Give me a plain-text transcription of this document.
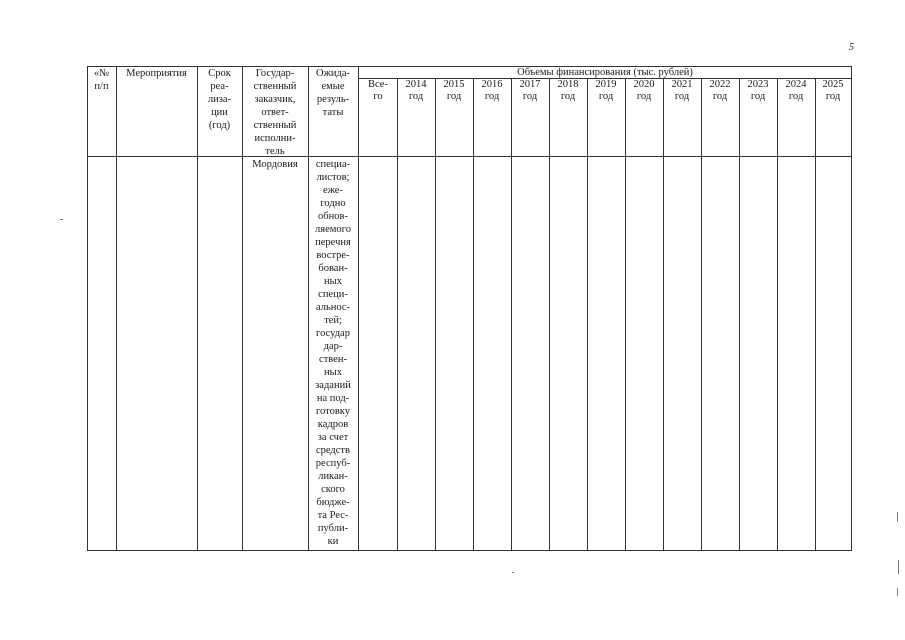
5
«№
п/п
Мероприятия	Срок
реа-
лиза-
ции
(год)
Государ-
ственный
заказчик,
ответ-
ственный
исполни-
тель
Ожида-
емые
резуль-
таты
Объемы финансирования (тыс. рублей)
Все-
го
2014
год
2015
год
2016
год
2017
год
2018
год
2019
год
2020
год
2021
год
2022
год
2023
год
2024
год
2025
год
Мордовия	специа-
листов;
еже-
годно
обнов-
ляемого
перечня
востре-
бован-
ных
специ-
альнос-
тей;
государ
дар-
ствен-
ных
заданий
на под-
готовку
кадров
за счет
средств
респуб-
ликан-
ского
бюдже-
та Рес-
публи-
ки
